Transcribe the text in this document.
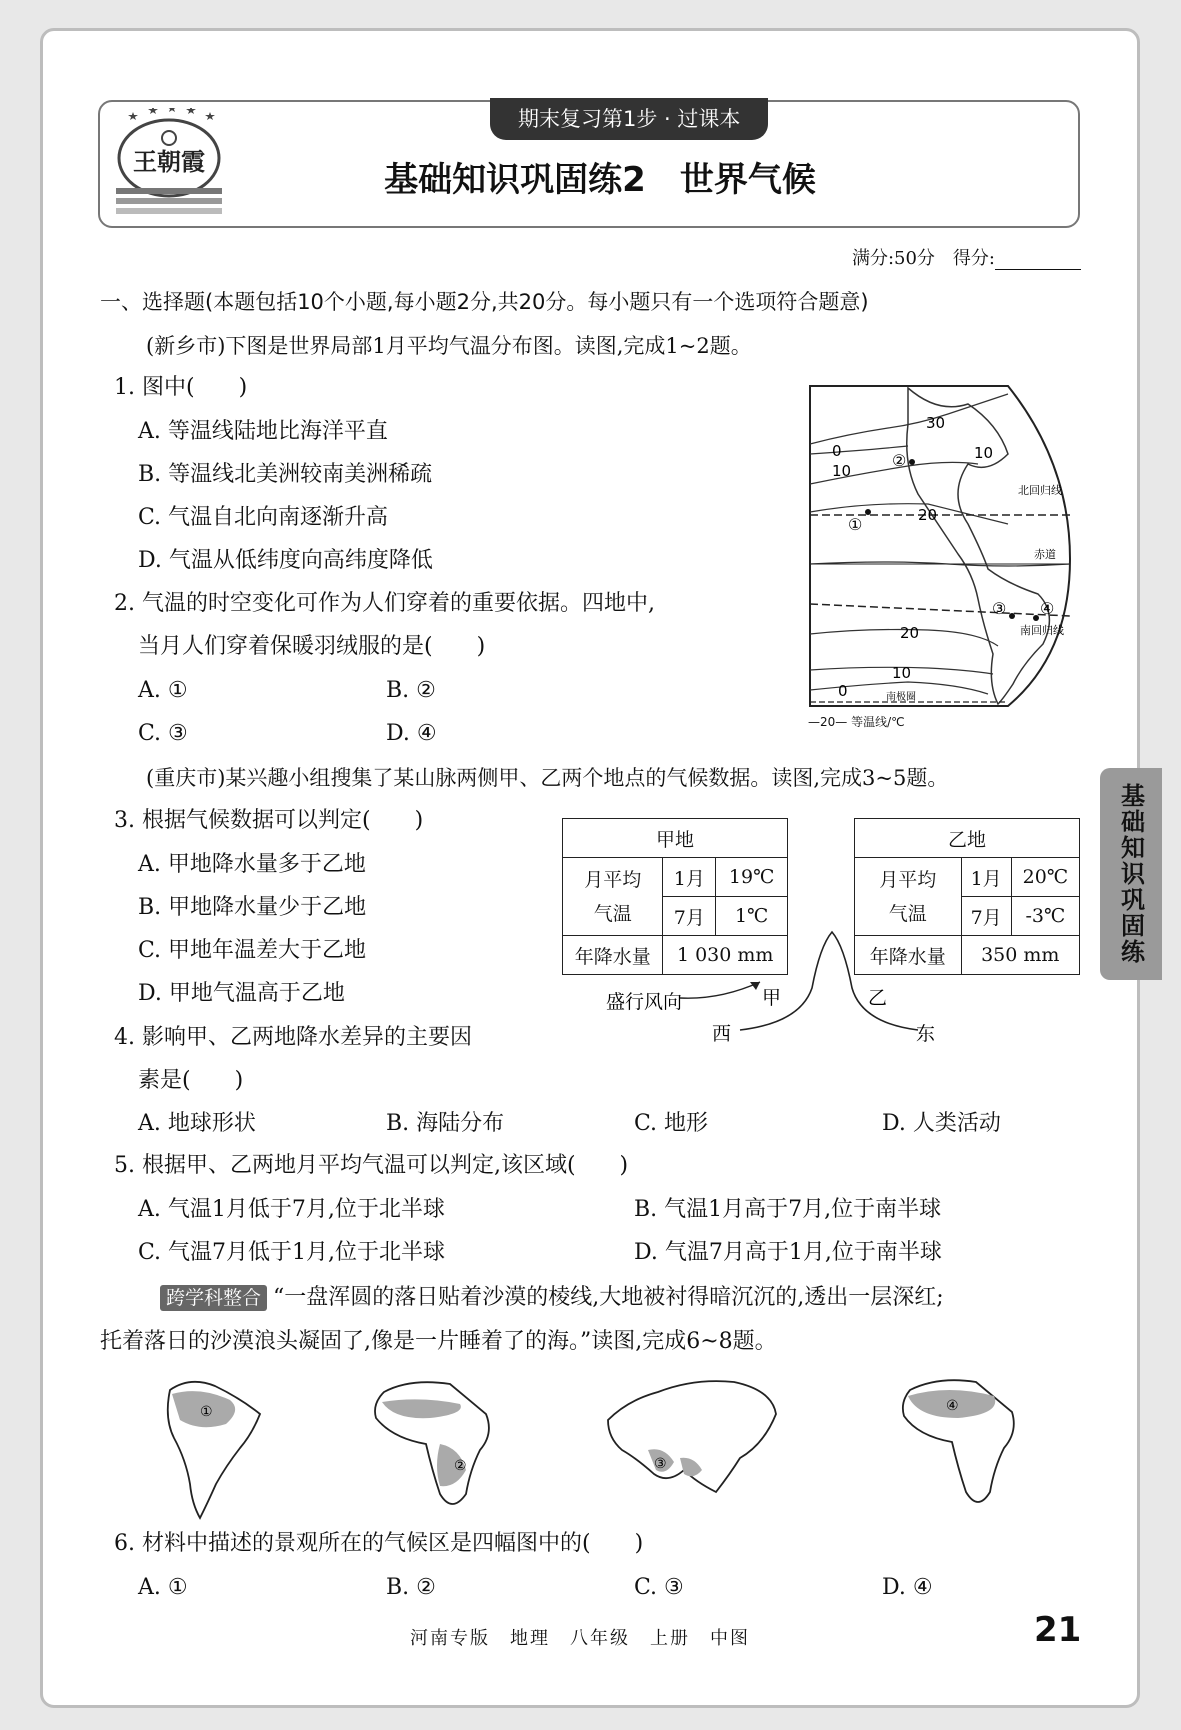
王朝霞
期末复习第1步 · 过课本
基础知识巩固练2　世界气候
满分:50分　得分:
一、选择题(本题包括10个小题,每小题2分,共20分。每小题只有一个选项符合题意)
(新乡市)下图是世界局部1月平均气温分布图。读图,完成1~2题。
1. 图中(　　)
A. 等温线陆地比海洋平直
B. 等温线北美洲较南美洲稀疏
C. 气温自北向南逐渐升高
D. 气温从低纬度向高纬度降低
2. 气温的时空变化可作为人们穿着的重要依据。四地中,
当月人们穿着保暖羽绒服的是(　　)
A. ①	B. ②
C. ③	D. ④
30
10
0
10
20
20
10
0
北回归线
赤道
南回归线
南极圈
①
②
③ ④
—20— 等温线/℃
(重庆市)某兴趣小组搜集了某山脉两侧甲、乙两个地点的气候数据。读图,完成3~5题。
3. 根据气候数据可以判定(　　)
A. 甲地降水量多于乙地
B. 甲地降水量少于乙地
C. 甲地年温差大于乙地
D. 甲地气温高于乙地
甲地		
月平均
气温	1月	19℃
	7月	1℃
年降水量	1 030 mm	
乙地		
月平均
气温	1月	20℃
	7月	-3℃
年降水量	350 mm	
盛行风向	甲	乙
西	东
4. 影响甲、乙两地降水差异的主要因
素是(　　)
A. 地球形状	B. 海陆分布	C. 地形	D. 人类活动
5. 根据甲、乙两地月平均气温可以判定,该区域(　　)
A. 气温1月低于7月,位于北半球	B. 气温1月高于7月,位于南半球
C. 气温7月低于1月,位于北半球	D. 气温7月高于1月,位于南半球
跨学科整合 “一盘浑圆的落日贴着沙漠的棱线,大地被衬得暗沉沉的,透出一层深红;
托着落日的沙漠浪头凝固了,像是一片睡着了的海。”读图,完成6~8题。
①
②	③
④
6. 材料中描述的景观所在的气候区是四幅图中的(　　)
A. ①	B. ②	C. ③	D. ④
基础知识巩固练
河南专版　地理　八年级　上册　中图	21
